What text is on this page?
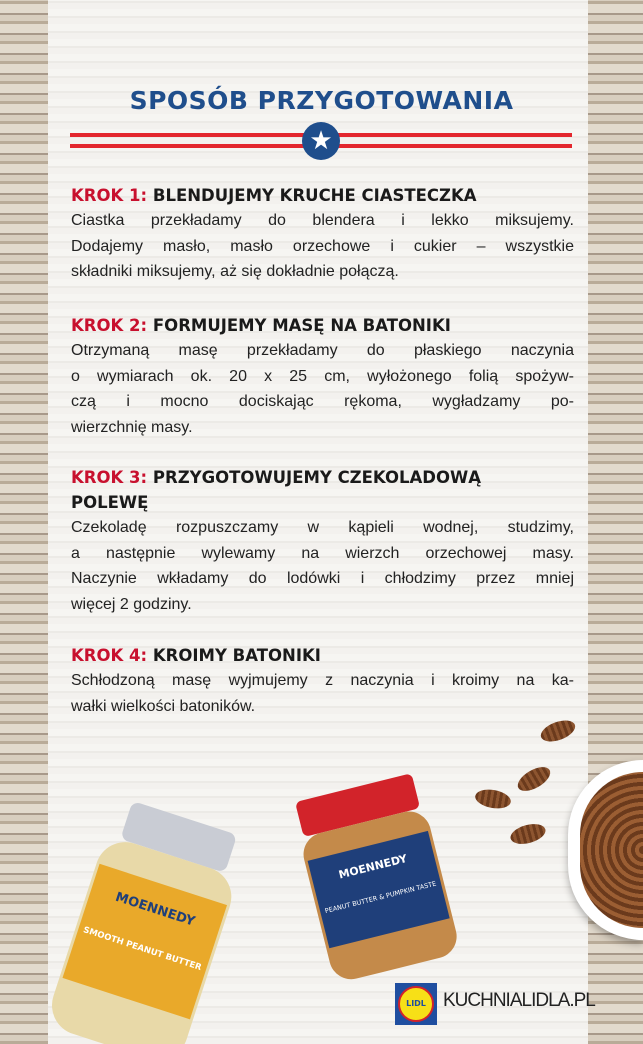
SPOSÓB PRZYGOTOWANIA
★
KROK 1: BLENDUJEMY KRUCHE CIASTECZKA
Ciastka przekładamy do blendera i lekko miksujemy.
Dodajemy masło, masło orzechowe i cukier – wszystkie
składniki miksujemy, aż się dokładnie połączą.
KROK 2: FORMUJEMY MASĘ NA BATONIKI
Otrzymaną masę przekładamy do płaskiego naczynia
o wymiarach ok. 20 x 25 cm, wyłożonego folią spożyw-
czą i mocno dociskając rękoma, wygładzamy po-
wierzchnię masy.
KROK 3: PRZYGOTOWUJEMY CZEKOLADOWĄ
POLEWĘ
Czekoladę rozpuszczamy w kąpieli wodnej, studzimy,
a następnie wylewamy na wierzch orzechowej masy.
Naczynie wkładamy do lodówki i chłodzimy przez mniej
więcej 2 godziny.
KROK 4: KROIMY BATONIKI
Schłodzoną masę wyjmujemy z naczynia i kroimy na ka-
wałki wielkości batoników.
MOENNEDY
SMOOTH PEANUT BUTTER
MOENNEDY
PEANUT BUTTER & PUMPKIN TASTE
LIDL KUCHNIALIDLA.PL
